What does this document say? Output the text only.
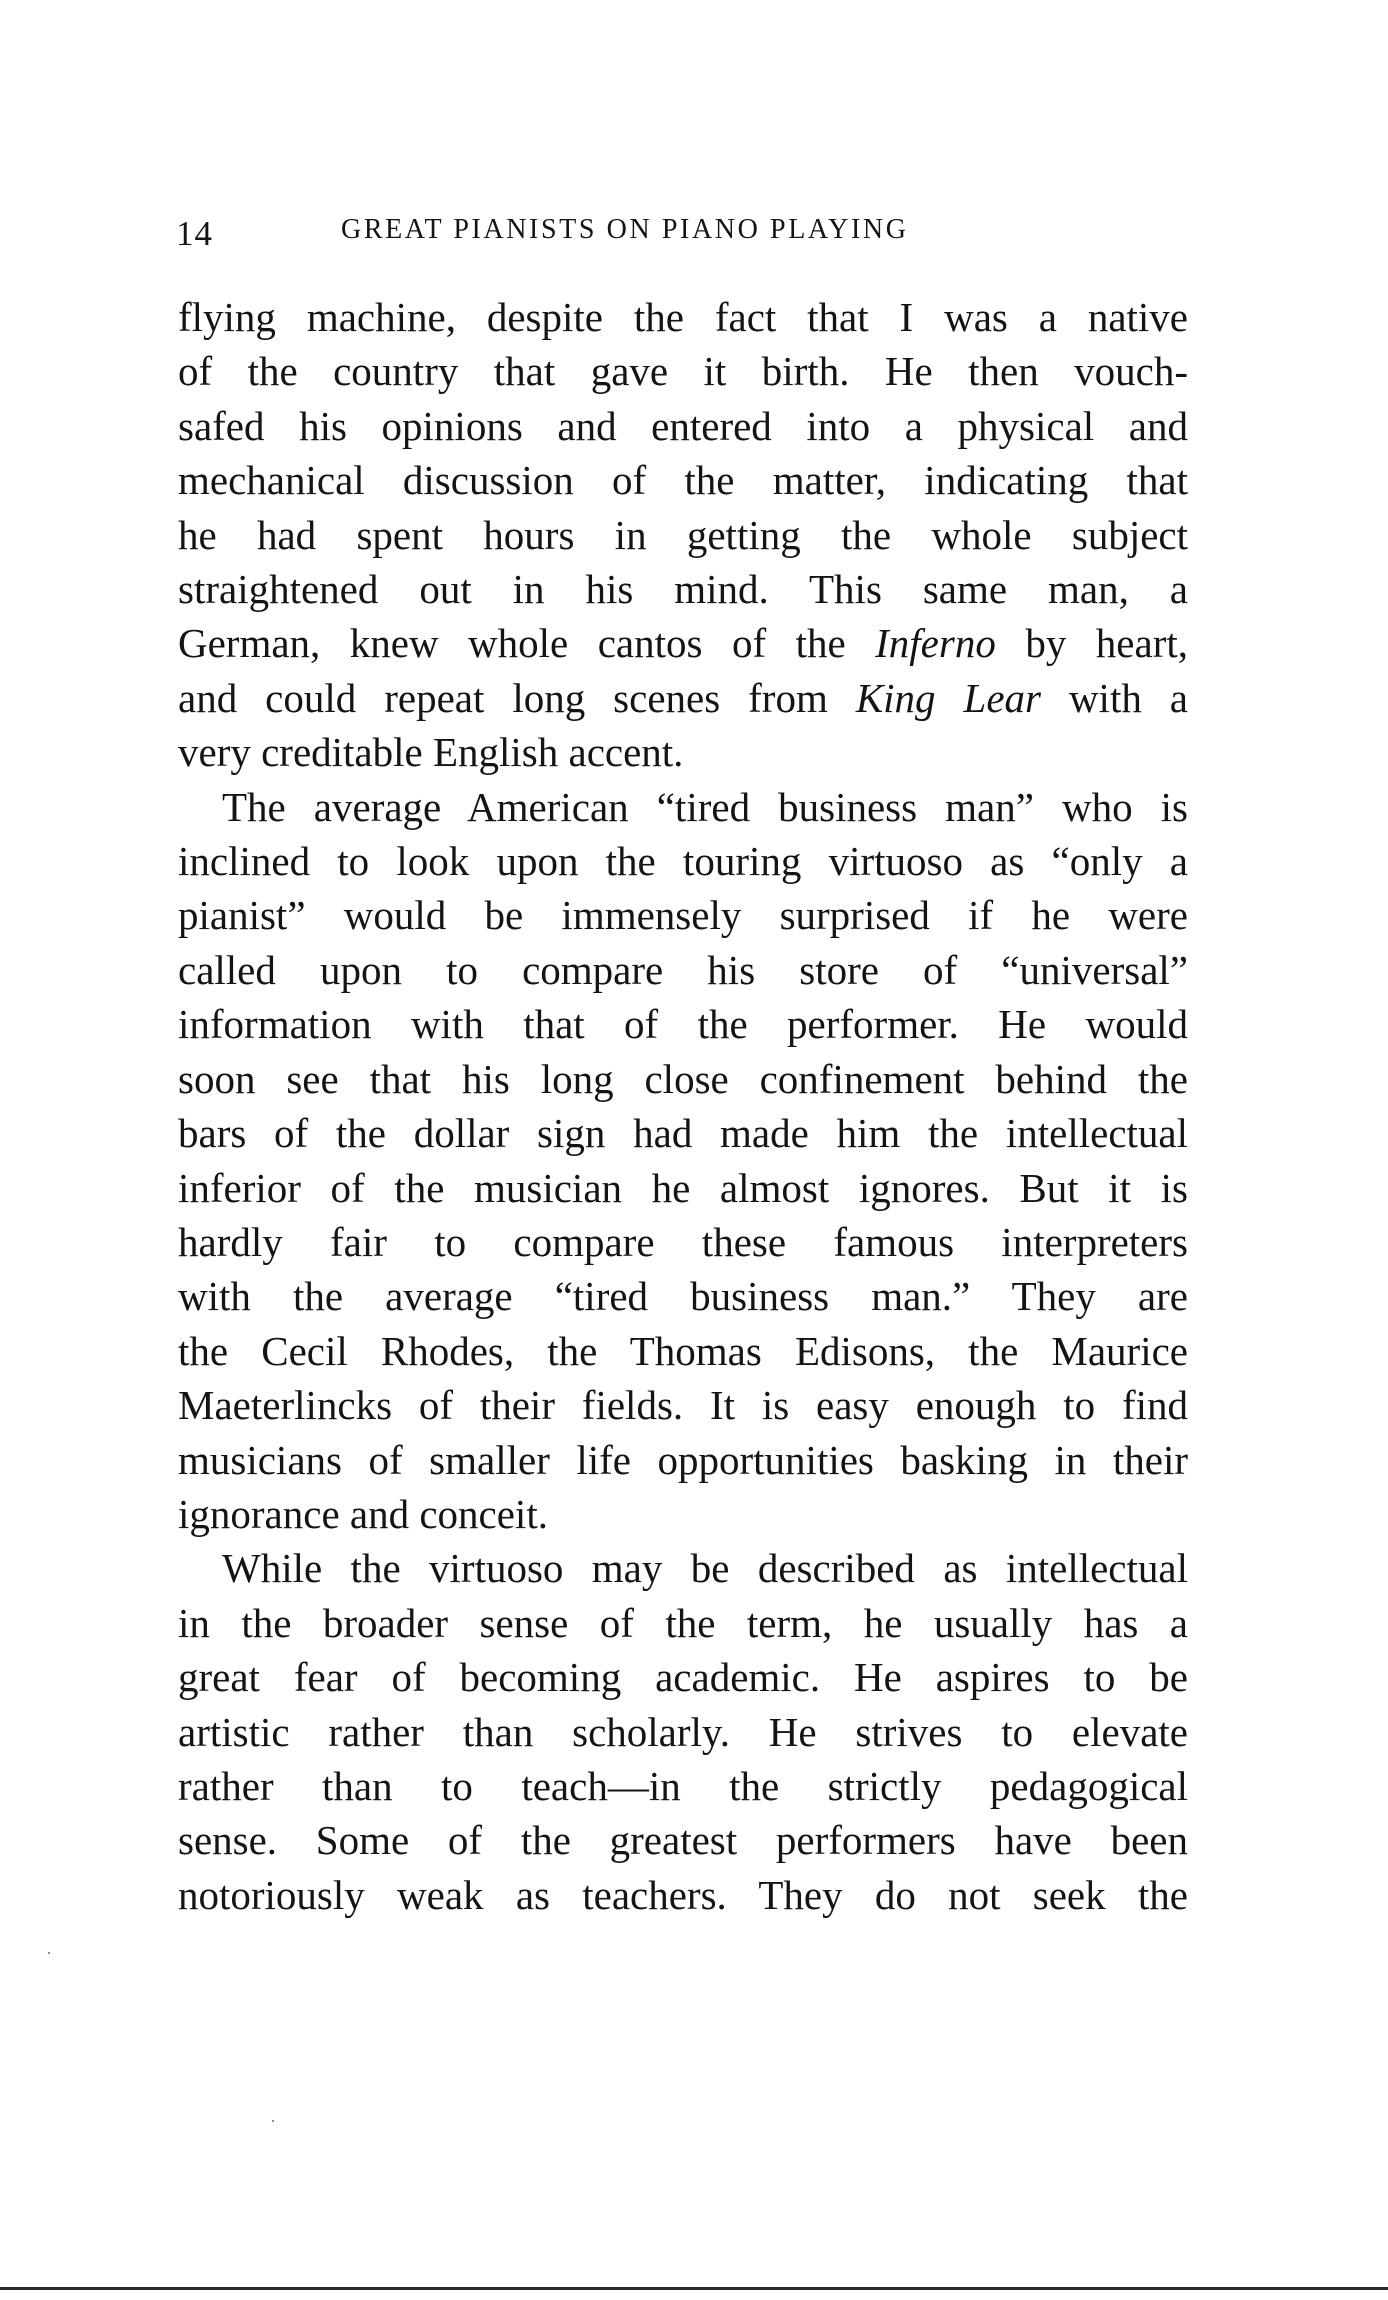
14	GREAT PIANISTS ON PIANO PLAYING

flying machine, despite the fact that I was a native
of the country that gave it birth. He then vouch-
safed his opinions and entered into a physical and
mechanical discussion of the matter, indicating that
he had spent hours in getting the whole subject
straightened out in his mind. This same man, a
German, knew whole cantos of the Inferno by heart,
and could repeat long scenes from King Lear with a
very creditable English accent.

The average American “tired business man” who is
inclined to look upon the touring virtuoso as “only a
pianist” would be immensely surprised if he were
called upon to compare his store of “universal”
information with that of the performer. He would
soon see that his long close confinement behind the
bars of the dollar sign had made him the intellectual
inferior of the musician he almost ignores. But it is
hardly fair to compare these famous interpreters
with the average “tired business man.” They are
the Cecil Rhodes, the Thomas Edisons, the Maurice
Maeterlincks of their fields. It is easy enough to find
musicians of smaller life opportunities basking in their
ignorance and conceit.

While the virtuoso may be described as intellectual
in the broader sense of the term, he usually has a
great fear of becoming academic. He aspires to be
artistic rather than scholarly. He strives to elevate
rather than to teach—in the strictly pedagogical
sense. Some of the greatest performers have been
notoriously weak as teachers. They do not seek the
